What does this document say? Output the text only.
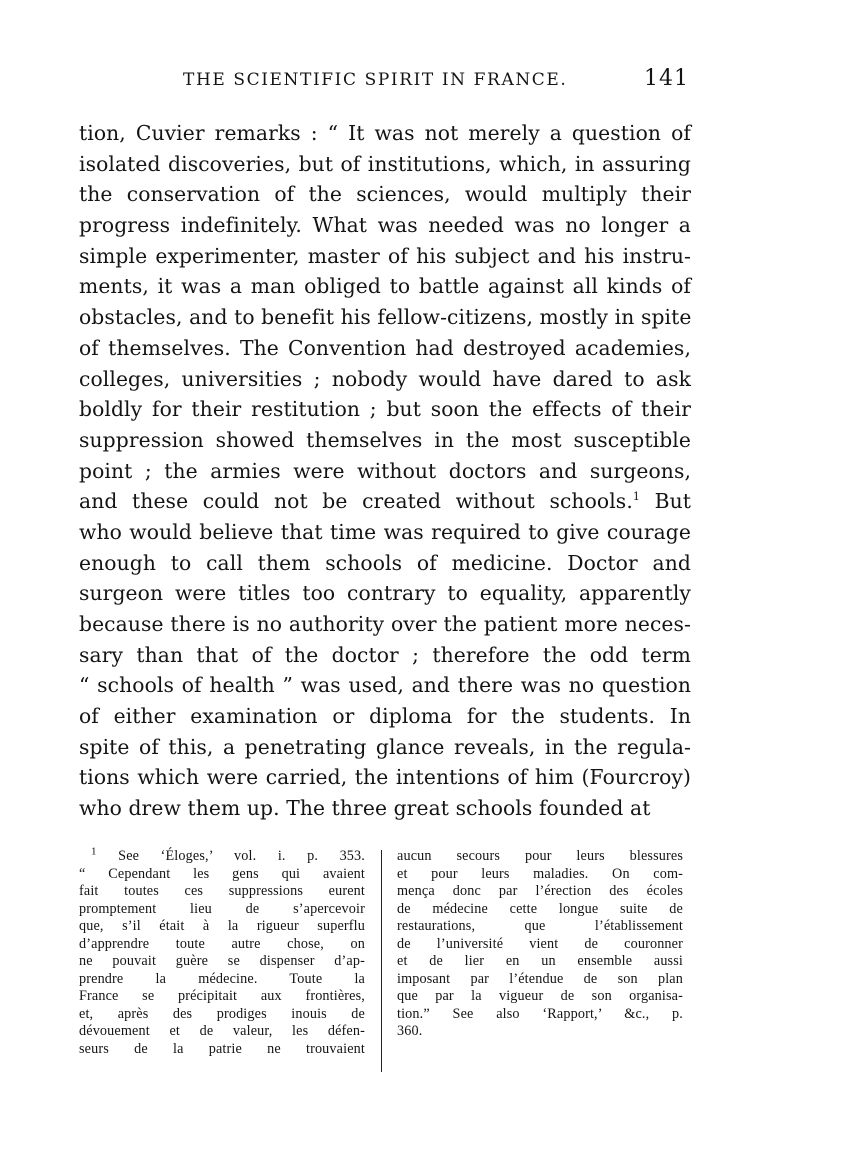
THE SCIENTIFIC SPIRIT IN FRANCE.	141
tion, Cuvier remarks : “ It was not merely a question of
isolated discoveries, but of institutions, which, in assuring
the conservation of the sciences, would multiply their
progress indefinitely. What was needed was no longer a
simple experimenter, master of his subject and his instru-
ments, it was a man obliged to battle against all kinds of
obstacles, and to benefit his fellow-citizens, mostly in spite
of themselves. The Convention had destroyed academies,
colleges, universities ; nobody would have dared to ask
boldly for their restitution ; but soon the effects of their
suppression showed themselves in the most susceptible
point ; the armies were without doctors and surgeons,
and these could not be created without schools.$^1$ But
who would believe that time was required to give courage
enough to call them schools of medicine. Doctor and
surgeon were titles too contrary to equality, apparently
because there is no authority over the patient more neces-
sary than that of the doctor ; therefore the odd term
“ schools of health ” was used, and there was no question
of either examination or diploma for the students. In
spite of this, a penetrating glance reveals, in the regula-
tions which were carried, the intentions of him (Fourcroy)
who drew them up. The three great schools founded at
$^1$ See ‘Éloges,’ vol. i. p. 353.
“ Cependant les gens qui avaient
fait toutes ces suppressions eurent
promptement lieu de s’apercevoir
que, s’il était à la rigueur superflu
d’apprendre toute autre chose, on
ne pouvait guère se dispenser d’ap-
prendre la médecine. Toute la
France se précipitait aux frontières,
et, après des prodiges inouis de
dévouement et de valeur, les défen-
seurs de la patrie ne trouvaient
aucun secours pour leurs blessures
et pour leurs maladies. On com-
mença donc par l’érection des écoles
de médecine cette longue suite de
restaurations, que l’établissement
de l’université vient de couronner
et de lier en un ensemble aussi
imposant par l’étendue de son plan
que par la vigueur de son organisa-
tion.” See also ‘Rapport,’ &c., p.
360.
